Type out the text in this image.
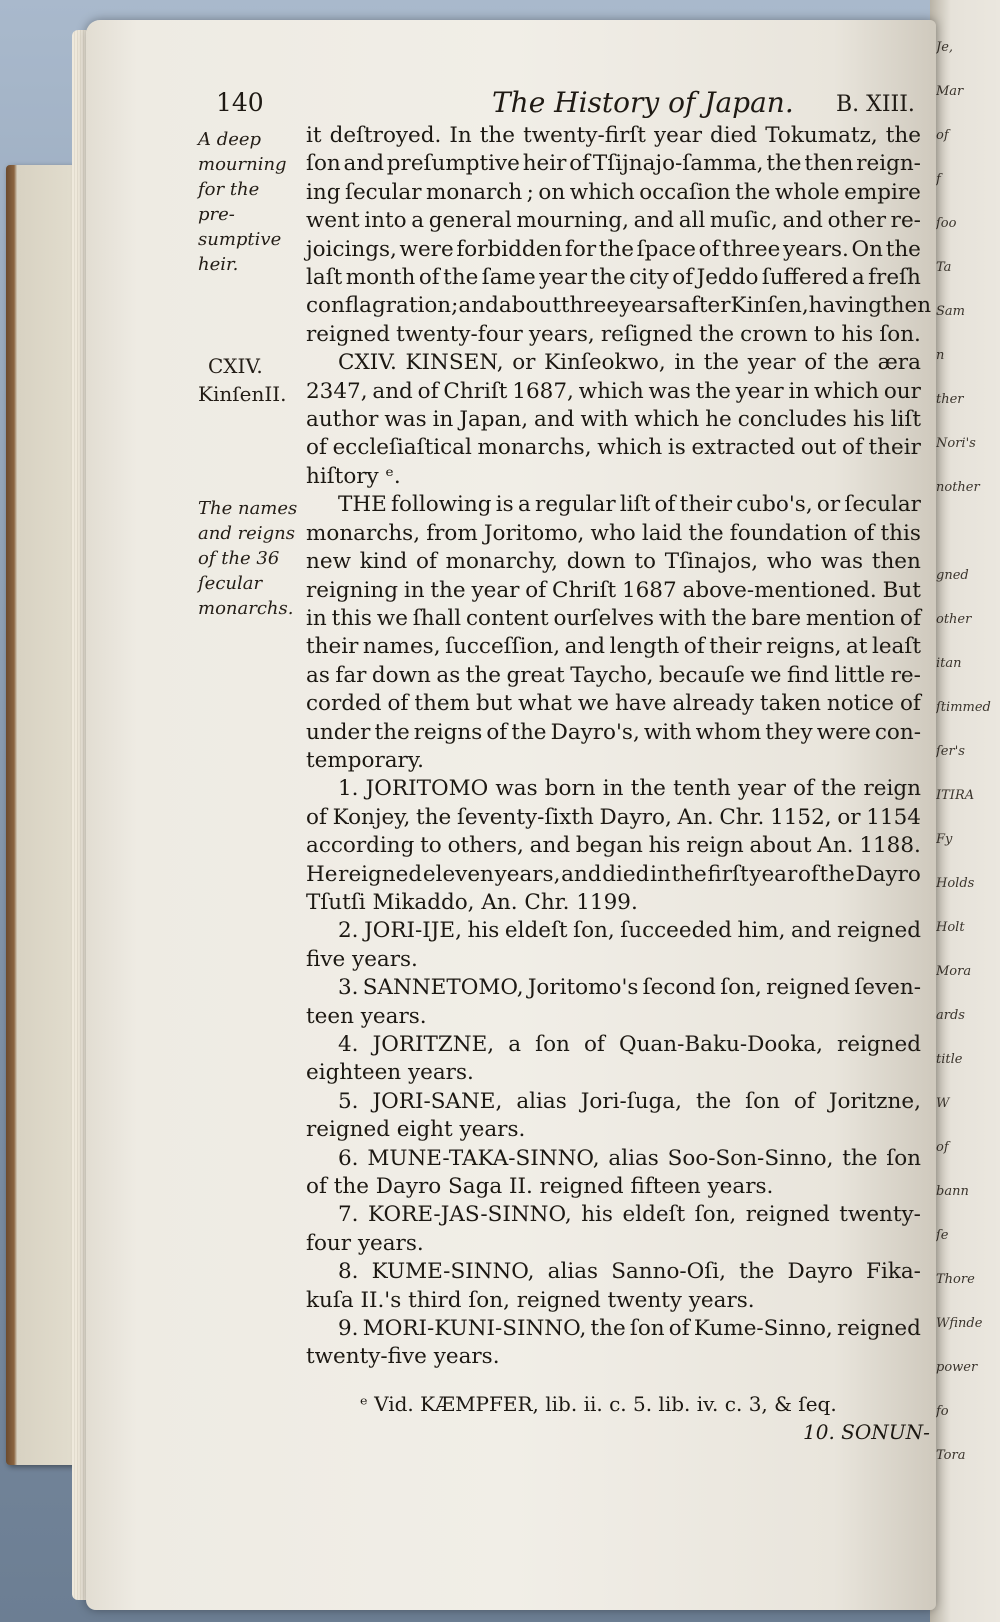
Je,
Mar
of
f
ſoo
Ta
Sam
n
ther
Nori's
nother
gned
other
itan
ſtimmed
ſer's
ITIRA
Fy
Holds
Holt
Mora
ards
title
W
of
bann
ſe
Thore
Wfinde
power
fo
Tora
140	The History of Japan. B. XIII.
A deep
mourning
for the pre-
sumptive
heir.
CXIV.
KinſenII.
The names
and reigns
of the 36
ſecular
monarchs.
it deſtroyed. In the twenty-firſt year died Tokumatz, the
ſon and preſumptive heir of Tſijnajo-ſamma, the then reign-
ing ſecular monarch ; on which occaſion the whole empire
went into a general mourning, and all muſic, and other re-
joicings, were forbidden for the ſpace of three years. On the
laſt month of the ſame year the city of Jeddo ſuffered a freſh
conflagration ; and about three years after Kinſen, having then
reigned twenty-four years, reſigned the crown to his ſon.
CXIV. KINSEN, or Kinſeokwo, in the year of the æra
2347, and of Chriſt 1687, which was the year in which our
author was in Japan, and with which he concludes his liſt
of eccleſiaſtical monarchs, which is extracted out of their
hiſtory ᵉ.
THE following is a regular liſt of their cubo's, or ſecular
monarchs, from Joritomo, who laid the foundation of this
new kind of monarchy, down to Tſinajos, who was then
reigning in the year of Chriſt 1687 above-mentioned. But
in this we ſhall content ourſelves with the bare mention of
their names, ſucceſſion, and length of their reigns, at leaſt
as far down as the great Taycho, becauſe we find little re-
corded of them but what we have already taken notice of
under the reigns of the Dayro's, with whom they were con-
temporary.
1. JORITOMO was born in the tenth year of the reign
of Konjey, the ſeventy-ſixth Dayro, An. Chr. 1152, or 1154
according to others, and began his reign about An. 1188.
He reigned eleven years, and died in the firſt year of the Dayro
Tſutſi Mikaddo, An. Chr. 1199.
2. JORI-IJE, his eldeſt ſon, ſucceeded him, and reigned
five years.
3. SANNETOMO, Joritomo's ſecond ſon, reigned ſeven-
teen years.
4. JORITZNE, a ſon of Quan-Baku-Dooka, reigned
eighteen years.
5. JORI-SANE, alias Jori-ſuga, the ſon of Joritzne,
reigned eight years.
6. MUNE-TAKA-SINNO, alias Soo-Son-Sinno, the ſon
of the Dayro Saga II. reigned fifteen years.
7. KORE-JAS-SINNO, his eldeſt ſon, reigned twenty-
four years.
8. KUME-SINNO, alias Sanno-Oſi, the Dayro Fika-
kuſa II.'s third ſon, reigned twenty years.
9. MORI-KUNI-SINNO, the ſon of Kume-Sinno, reigned
twenty-five years.
ᵉ Vid. KÆMPFER, lib. ii. c. 5. lib. iv. c. 3, & ſeq.
10. SONUN-
